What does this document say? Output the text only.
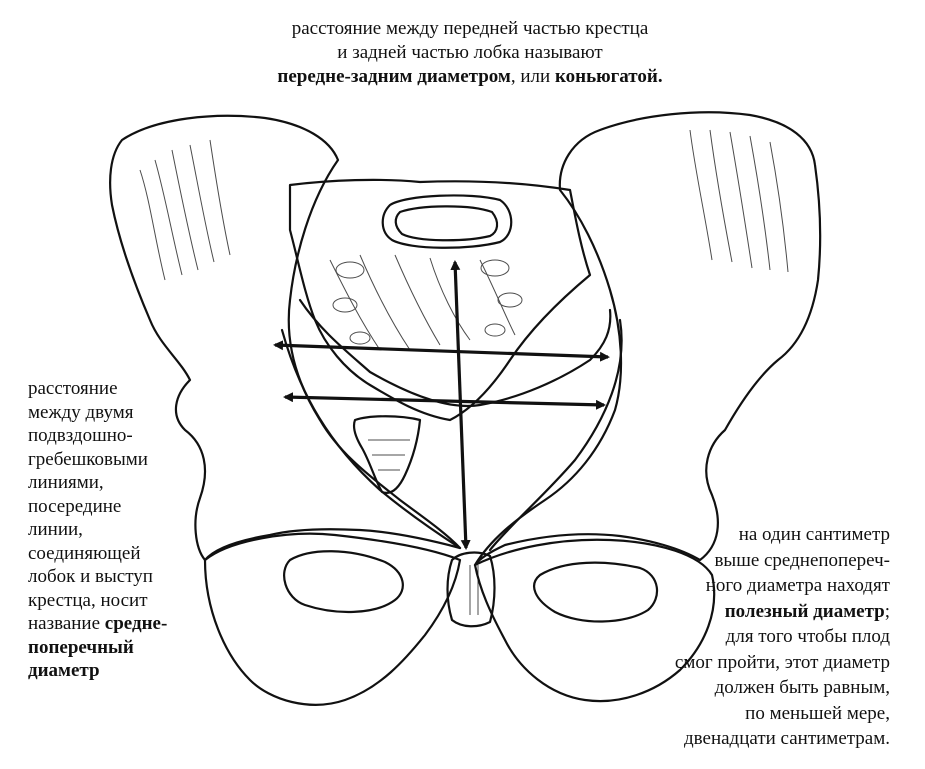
расстояние между передней частью крестца
и задней частью лобка называют
передне-задним диаметром, или коньюгатой.
расстояние
между двумя
подвздошно-
гребешковыми
линиями,
посередине
линии,
соединяющей
лобок и выступ
крестца, носит
название средне-
поперечный
диаметр
на один сантиметр
выше среднепопереч-
ного диаметра находят
полезный диаметр;
для того чтобы плод
смог пройти, этот диаметр
должен быть равным,
по меньшей мере,
двенадцати сантиметрам.
